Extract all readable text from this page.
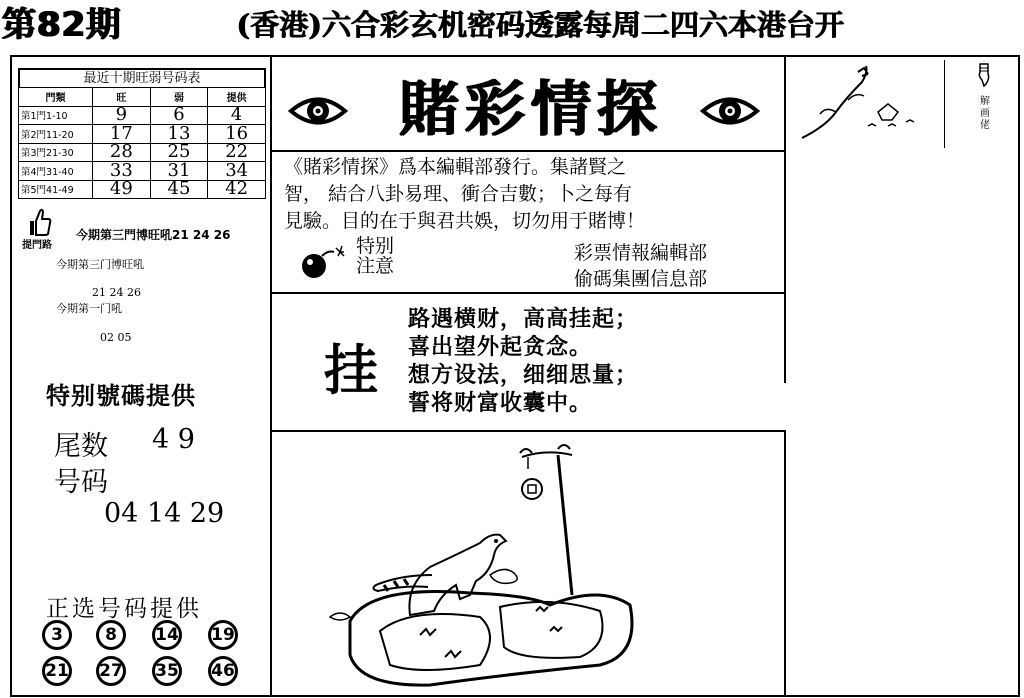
第82期	(香港)六合彩玄机密码透露每周二四六本港台开
最近十期旺弱号码表
門類	旺	弱	提供
第1門1-10	9	6	4
第2門11-20	17	13	16
第3門21-30	28	25	22
第4門31-40	33	31	34
第5門41-49	49	45	42
提門路
今期第三門博旺吼21 24 26
今期第三门博旺吼
21 24 26
今期第一门吼
02 05
特别號碼提供
尾数 4 9
号码
04 14 29
正选号码提供
3	8	14 19
21 27 35 46
賭彩情探
《賭彩情探》爲本編輯部發行。集諸賢之
智， 結合八卦易理、衝合吉數；卜之每有
見驗。目的在于與君共娛，切勿用于賭博！
特别
注意
彩票情報編輯部
偷碼集團信息部
挂
路遇横财，高高挂起；
喜出望外起贪念。
想方设法，细细思量；
誓将财富收囊中。
解画佬
